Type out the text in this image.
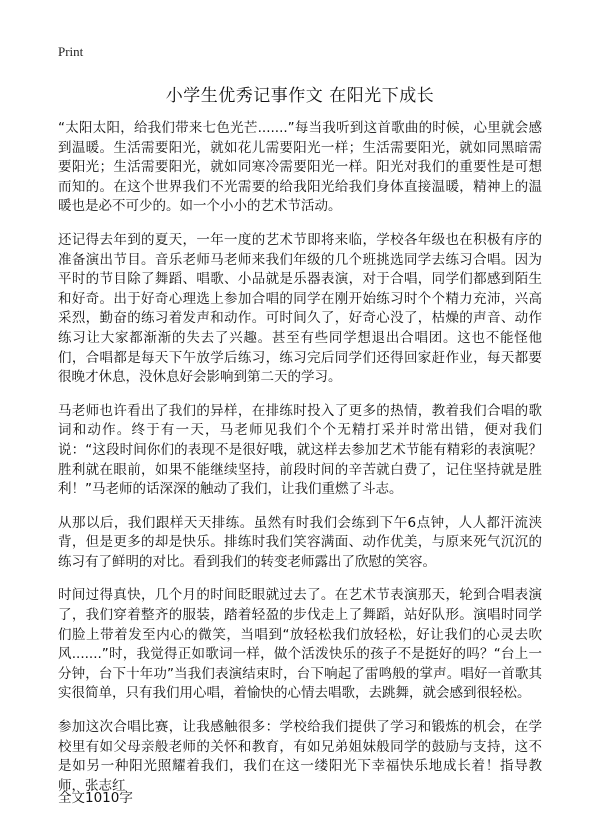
Print
小学生优秀记事作文 在阳光下成长

“太阳太阳，给我们带来七色光芒.......”每当我听到这首歌曲的时候，心里就会感到温暖。生活需要阳光，就如花儿需要阳光一样；生活需要阳光，就如同黑暗需要阳光；生活需要阳光，就如同寒冷需要阳光一样。阳光对我们的重要性是可想而知的。在这个世界我们不光需要的给我阳光给我们身体直接温暖，精神上的温暖也是必不可少的。如一个小小的艺术节活动。

还记得去年到的夏天，一年一度的艺术节即将来临，学校各年级也在积极有序的准备演出节目。音乐老师马老师来我们年级的几个班挑选同学去练习合唱。因为平时的节目除了舞蹈、唱歌、小品就是乐器表演，对于合唱，同学们都感到陌生和好奇。出于好奇心理选上参加合唱的同学在刚开始练习时个个精力充沛，兴高采烈，勤奋的练习着发声和动作。可时间久了，好奇心没了，枯燥的声音、动作练习让大家都渐渐的失去了兴趣。甚至有些同学想退出合唱团。这也不能怪他们，合唱都是每天下午放学后练习，练习完后同学们还得回家赶作业，每天都要很晚才休息，没休息好会影响到第二天的学习。

马老师也许看出了我们的异样，在排练时投入了更多的热情，教着我们合唱的歌词和动作。终于有一天，马老师见我们个个无精打采并时常出错，便对我们说：“这段时间你们的表现不是很好哦，就这样去参加艺术节能有精彩的表演呢？胜利就在眼前，如果不能继续坚持，前段时间的辛苦就白费了，记住坚持就是胜利！”马老师的话深深的触动了我们，让我们重燃了斗志。

从那以后，我们跟样天天排练。虽然有时我们会练到下午6点钟，人人都汗流浃背，但是更多的却是快乐。排练时我们笑容满面、动作优美，与原来死气沉沉的练习有了鲜明的对比。看到我们的转变老师露出了欣慰的笑容。

时间过得真快，几个月的时间眨眼就过去了。在艺术节表演那天，轮到合唱表演了，我们穿着整齐的服装，踏着轻盈的步伐走上了舞蹈，站好队形。演唱时同学们脸上带着发至内心的微笑，当唱到“放轻松我们放轻松，好让我们的心灵去吹风.......”时，我觉得正如歌词一样，做个活泼快乐的孩子不是挺好的吗？“台上一分钟，台下十年功”当我们表演结束时，台下响起了雷鸣般的掌声。唱好一首歌其实很简单，只有我们用心唱，着愉快的心情去唱歌，去跳舞，就会感到很轻松。

参加这次合唱比赛，让我感触很多：学校给我们提供了学习和锻炼的机会，在学校里有如父母亲般老师的关怀和教育，有如兄弟姐妹般同学的鼓励与支持，这不是如另一种阳光照耀着我们，我们在这一缕阳光下幸福快乐地成长着！指导教师，张志红

全文1010字
